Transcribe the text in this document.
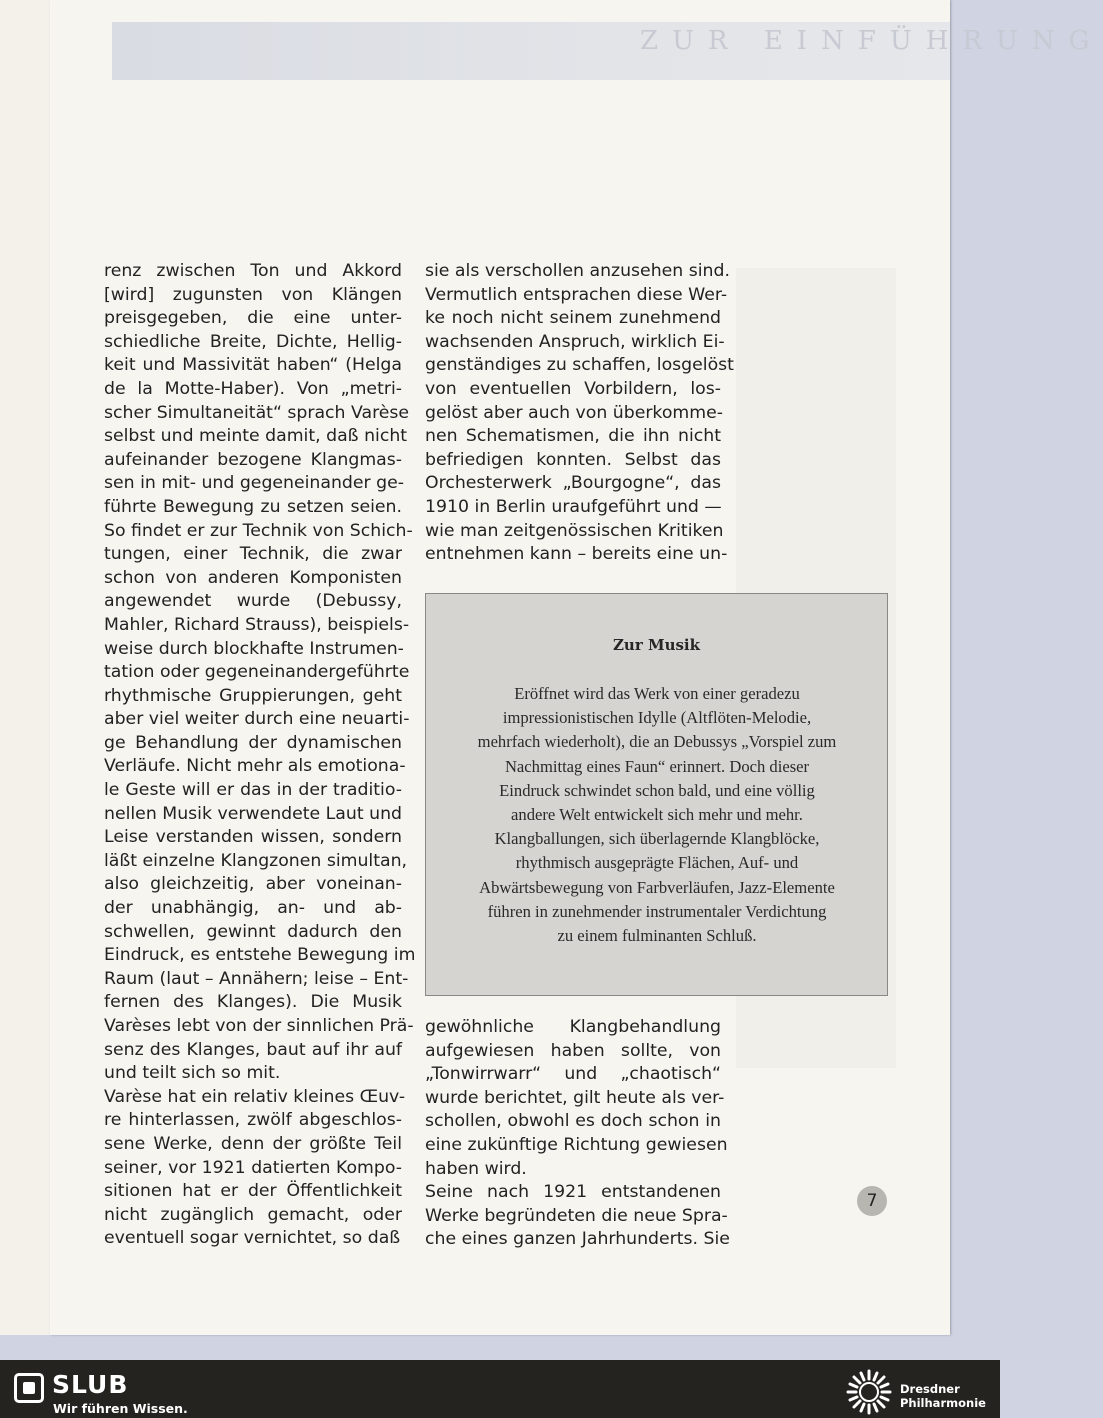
ZUR EINFÜHRUNG
renz zwischen Ton und Akkord
[wird] zugunsten von Klängen
preisgegeben, die eine unter-
schiedliche Breite, Dichte, Hellig-
keit und Massivität haben“ (Helga
de la Motte-Haber). Von „metri-
scher Simultaneität“ sprach Varèse
selbst und meinte damit, daß nicht
aufeinander bezogene Klangmas-
sen in mit- und gegeneinander ge-
führte Bewegung zu setzen seien.
So findet er zur Technik von Schich-
tungen, einer Technik, die zwar
schon von anderen Komponisten
angewendet wurde (Debussy,
Mahler, Richard Strauss), beispiels-
weise durch blockhafte Instrumen-
tation oder gegeneinandergeführte
rhythmische Gruppierungen, geht
aber viel weiter durch eine neuarti-
ge Behandlung der dynamischen
Verläufe. Nicht mehr als emotiona-
le Geste will er das in der traditio-
nellen Musik verwendete Laut und
Leise verstanden wissen, sondern
läßt einzelne Klangzonen simultan,
also gleichzeitig, aber voneinan-
der unabhängig, an- und ab-
schwellen, gewinnt dadurch den
Eindruck, es entstehe Bewegung im
Raum (laut – Annähern; leise – Ent-
fernen des Klanges). Die Musik
Varèses lebt von der sinnlichen Prä-
senz des Klanges, baut auf ihr auf
und teilt sich so mit.
Varèse hat ein relativ kleines Œuv-
re hinterlassen, zwölf abgeschlos-
sene Werke, denn der größte Teil
seiner, vor 1921 datierten Kompo-
sitionen hat er der Öffentlichkeit
nicht zugänglich gemacht, oder
eventuell sogar vernichtet, so daß
sie als verschollen anzusehen sind.
Vermutlich entsprachen diese Wer-
ke noch nicht seinem zunehmend
wachsenden Anspruch, wirklich Ei-
genständiges zu schaffen, losgelöst
von eventuellen Vorbildern, los-
gelöst aber auch von überkomme-
nen Schematismen, die ihn nicht
befriedigen konnten. Selbst das
Orchesterwerk „Bourgogne“, das
1910 in Berlin uraufgeführt und —
wie man zeitgenössischen Kritiken
entnehmen kann – bereits eine un-
Zur Musik
Eröffnet wird das Werk von einer geradezu
impressionistischen Idylle (Altflöten-Melodie,
mehrfach wiederholt), die an Debussys „Vorspiel zum
Nachmittag eines Faun“ erinnert. Doch dieser
Eindruck schwindet schon bald, und eine völlig
andere Welt entwickelt sich mehr und mehr.
Klangballungen, sich überlagernde Klangblöcke,
rhythmisch ausgeprägte Flächen, Auf- und
Abwärtsbewegung von Farbverläufen, Jazz-Elemente
führen in zunehmender instrumentaler Verdichtung
zu einem fulminanten Schluß.
gewöhnliche Klangbehandlung
aufgewiesen haben sollte, von
„Tonwirrwarr“ und „chaotisch“
wurde berichtet, gilt heute als ver-
schollen, obwohl es doch schon in
eine zukünftige Richtung gewiesen
haben wird.
Seine nach 1921 entstandenen
Werke begründeten die neue Spra-
che eines ganzen Jahrhunderts. Sie
7
SLUB
Wir führen Wissen.
Dresdner
Philharmonie
